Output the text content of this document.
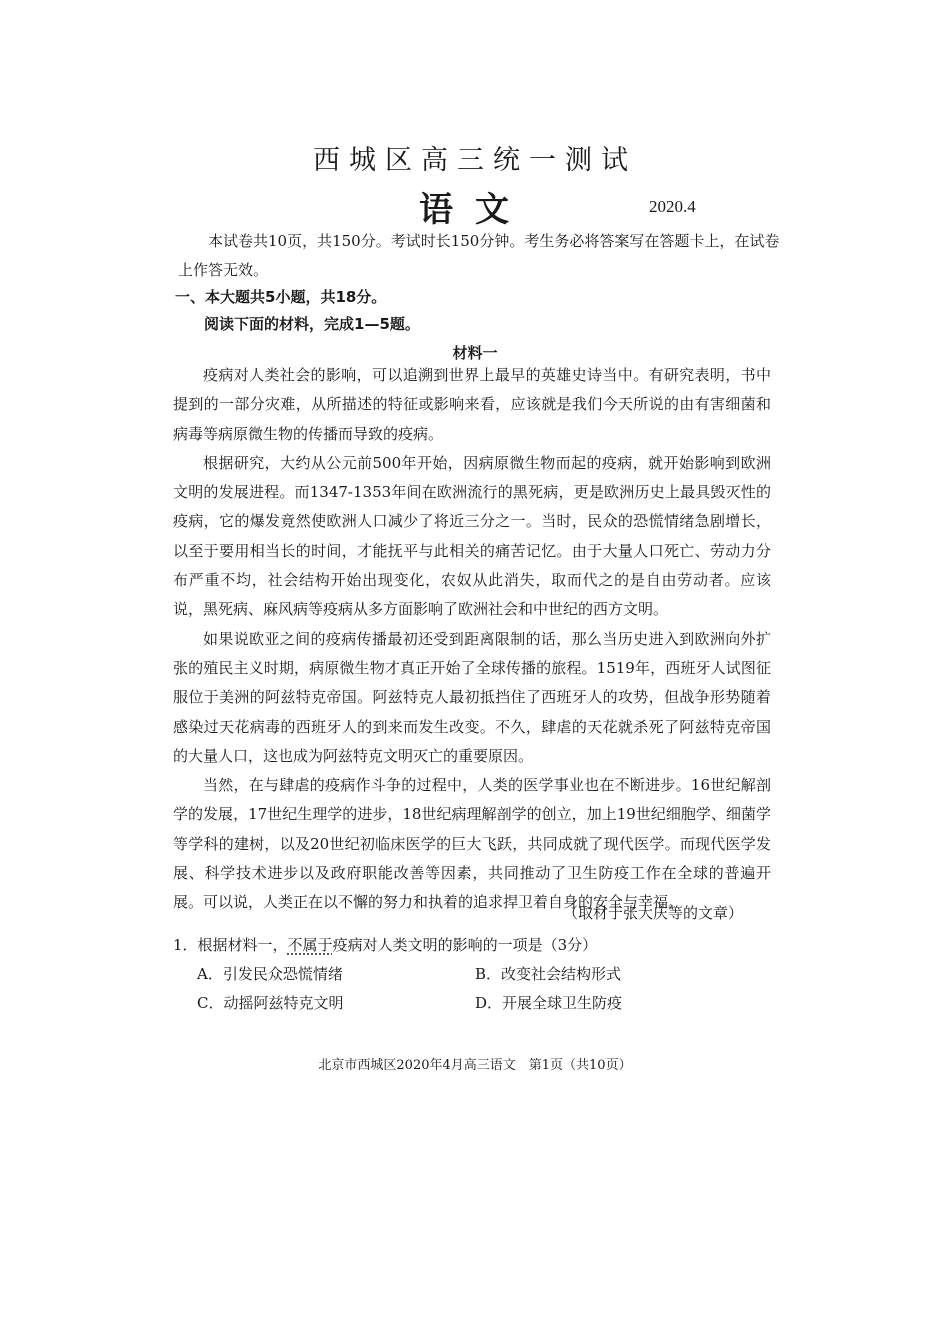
西城区高三统一测试
语文	2020.4
本试卷共10页，共150分。考试时长150分钟。考生务必将答案写在答题卡上，在试卷上作答无效。
一、本大题共5小题，共18分。
阅读下面的材料，完成1—5题。
材料一

疫病对人类社会的影响，可以追溯到世界上最早的英雄史诗当中。有研究表明，书中提到的一部分灾难，从所描述的特征或影响来看，应该就是我们今天所说的由有害细菌和病毒等病原微生物的传播而导致的疫病。

根据研究，大约从公元前500年开始，因病原微生物而起的疫病，就开始影响到欧洲文明的发展进程。而1347-1353年间在欧洲流行的黑死病，更是欧洲历史上最具毁灭性的疫病，它的爆发竟然使欧洲人口减少了将近三分之一。当时，民众的恐慌情绪急剧增长，以至于要用相当长的时间，才能抚平与此相关的痛苦记忆。由于大量人口死亡、劳动力分布严重不均，社会结构开始出现变化，农奴从此消失，取而代之的是自由劳动者。应该说，黑死病、麻风病等疫病从多方面影响了欧洲社会和中世纪的西方文明。

如果说欧亚之间的疫病传播最初还受到距离限制的话，那么当历史进入到欧洲向外扩张的殖民主义时期，病原微生物才真正开始了全球传播的旅程。1519年，西班牙人试图征服位于美洲的阿兹特克帝国。阿兹特克人最初抵挡住了西班牙人的攻势，但战争形势随着感染过天花病毒的西班牙人的到来而发生改变。不久，肆虐的天花就杀死了阿兹特克帝国的大量人口，这也成为阿兹特克文明灭亡的重要原因。

当然，在与肆虐的疫病作斗争的过程中，人类的医学事业也在不断进步。16世纪解剖学的发展，17世纪生理学的进步，18世纪病理解剖学的创立，加上19世纪细胞学、细菌学等学科的建树，以及20世纪初临床医学的巨大飞跃，共同成就了现代医学。而现代医学发展、科学技术进步以及政府职能改善等因素，共同推动了卫生防疫工作在全球的普遍开展。可以说，人类正在以不懈的努力和执着的追求捍卫着自身的安全与幸福。

（取材于张大庆等的文章）
1．根据材料一，不属于疫病对人类文明的影响的一项是（3分）
A．引发民众恐慌情绪	B．改变社会结构形式
C．动摇阿兹特克文明	D．开展全球卫生防疫
北京市西城区2020年4月高三语文　第1页（共10页）
